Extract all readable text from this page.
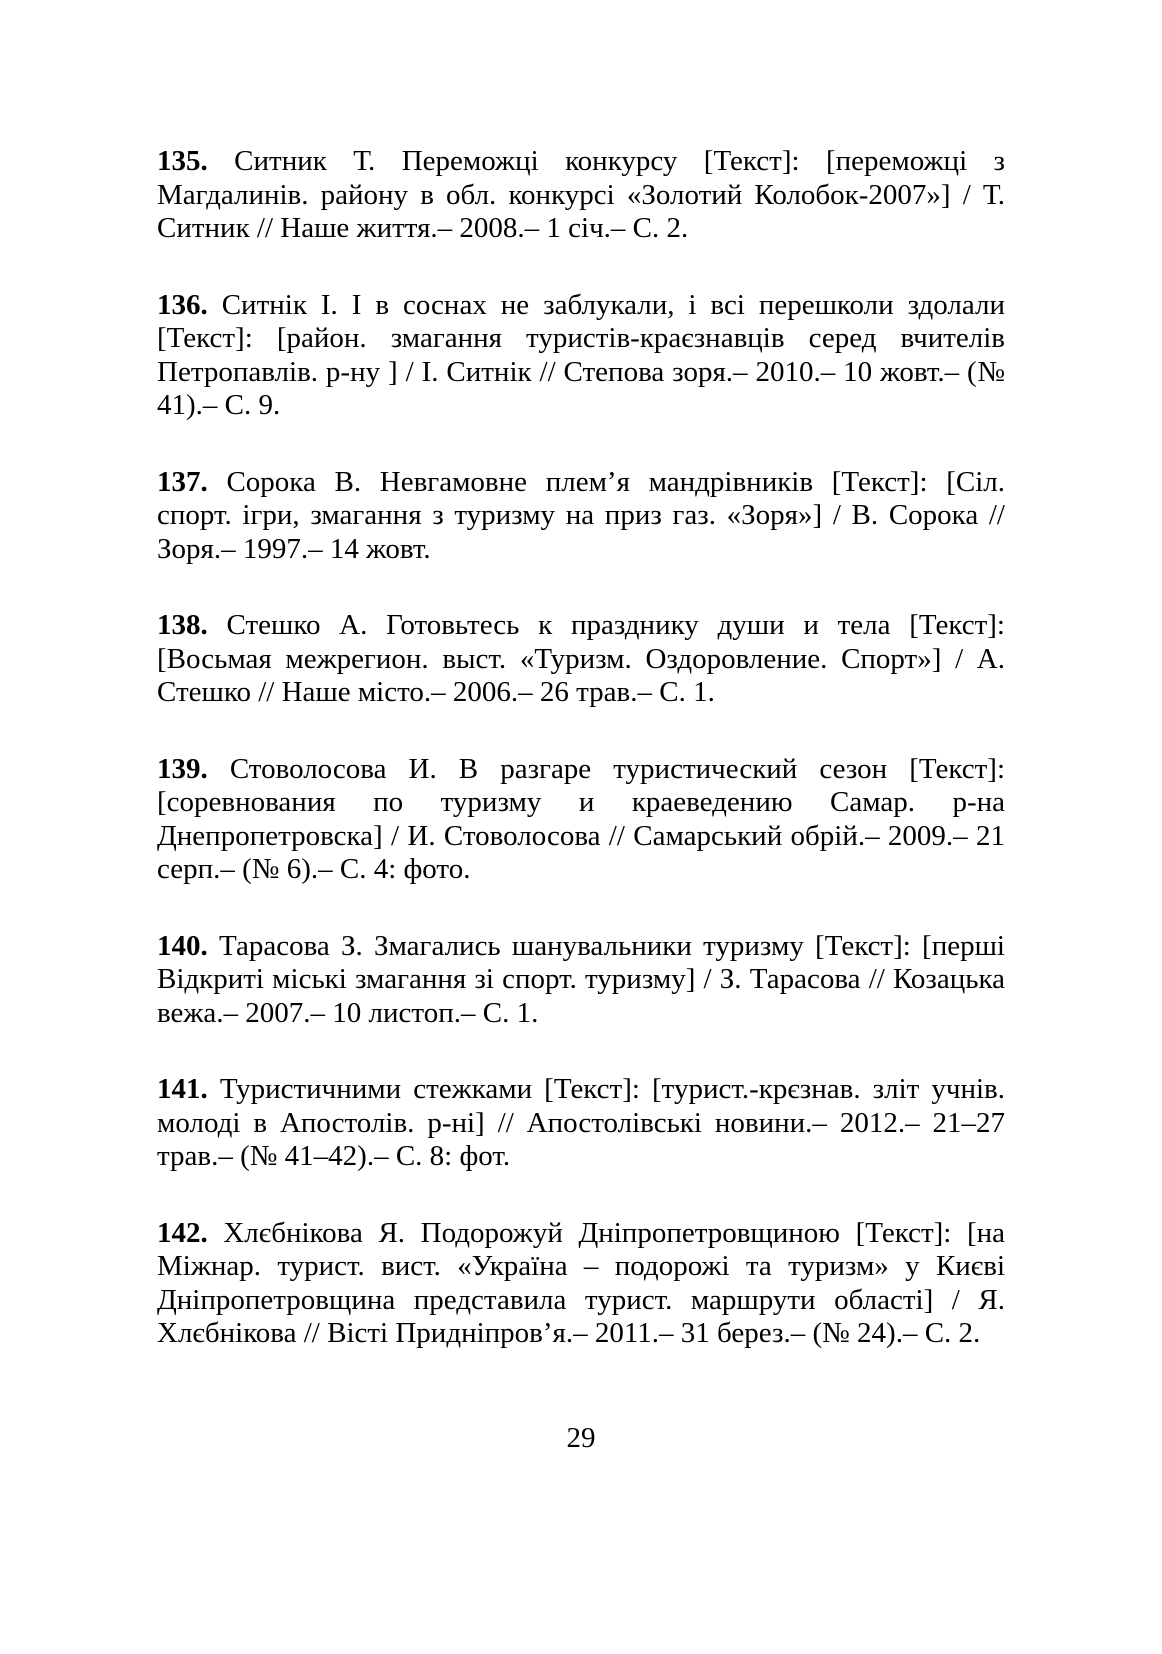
135. Ситник Т. Переможці конкурсу [Текст]: [переможці з Магдалинів. району в обл. конкурсі «Золотий Колобок-2007»] / Т. Ситник // Наше життя.– 2008.– 1 січ.– С. 2.

136. Ситнік І. І в соснах не заблукали, і всі перешколи здолали [Текст]: [район. змагання туристів-краєзнавців серед вчителів Петропавлів. р-ну ] / І. Ситнік // Степова зоря.– 2010.– 10 жовт.– (№ 41).– С. 9.

137. Сорока В. Невгамовне плем’я мандрівників [Текст]: [Сіл. спорт. ігри, змагання з туризму на приз газ. «Зоря»] / В. Сорока // Зоря.– 1997.– 14 жовт.

138. Стешко А. Готовьтесь к празднику души и тела [Текст]: [Восьмая межрегион. выст. «Туризм. Оздоровление. Спорт»] / А. Стешко // Наше місто.– 2006.– 26 трав.– С. 1.

139. Стоволосова И. В разгаре туристический сезон [Текст]: [соревнования по туризму и краеведению Самар. р-на Днепропетровска] / И. Стоволосова // Самарський обрій.– 2009.– 21 серп.– (№ 6).– С. 4: фото.

140. Тарасова З. Змагались шанувальники туризму [Текст]: [перші Відкриті міські змагання зі спорт. туризму] / З. Тарасова // Козацька вежа.– 2007.– 10 листоп.– С. 1.

141. Туристичними стежками [Текст]: [турист.-крєзнав. зліт учнів. молоді в Апостолів. р-ні] // Апостолівські новини.– 2012.– 21–27 трав.– (№ 41–42).– С. 8: фот.

142. Хлєбнікова Я. Подорожуй Дніпропетровщиною [Текст]: [на Міжнар. турист. вист. «Україна – подорожі та туризм» у Києві Дніпропетровщина представила турист. маршрути області] / Я. Хлєбнікова // Вісті Придніпров’я.– 2011.– 31 берез.– (№ 24).– С. 2.

29
